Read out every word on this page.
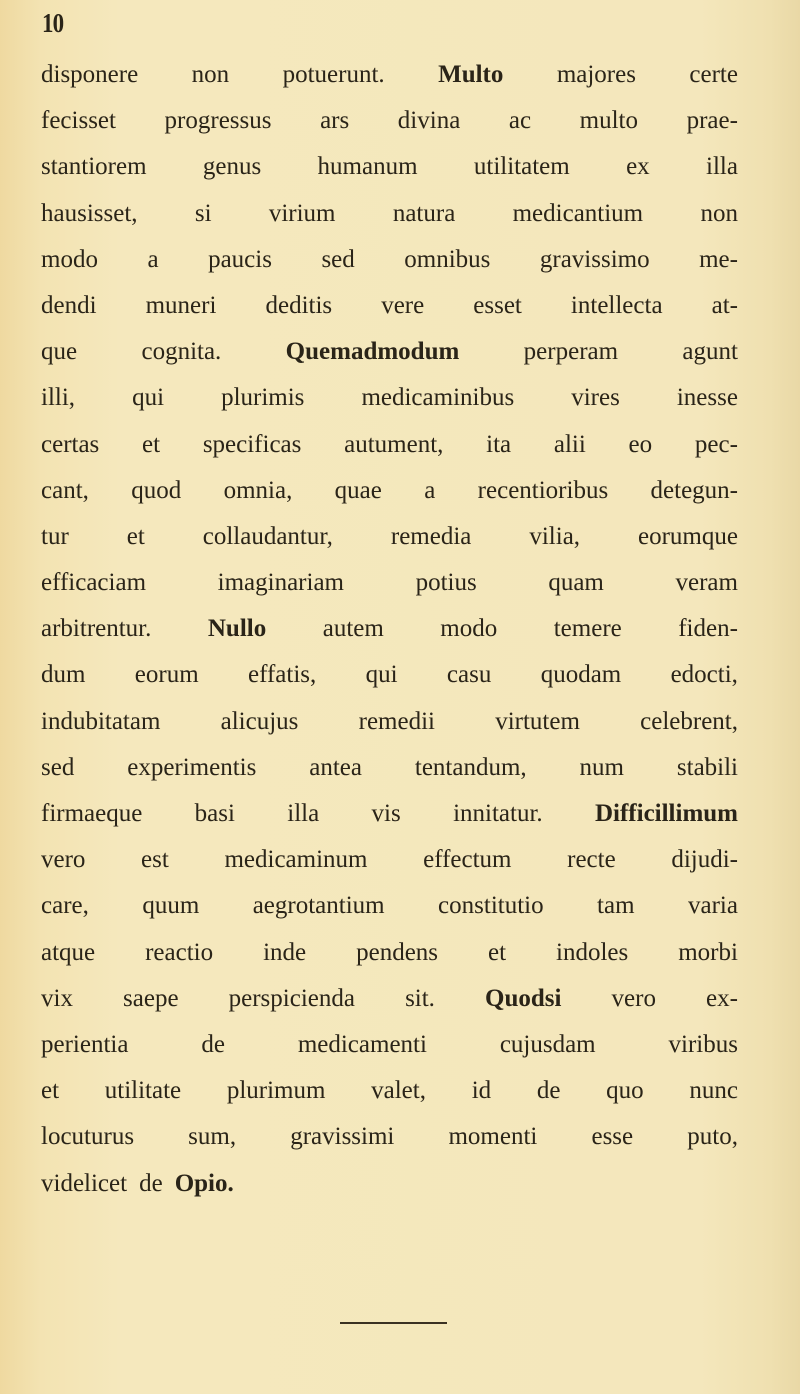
10
disponere non potuerunt. Multo majores certe
fecisset progressus ars divina ac multo prae-
stantiorem genus humanum utilitatem ex illa
hausisset, si virium natura medicantium non
modo a paucis sed omnibus gravissimo me-
dendi muneri deditis vere esset intellecta at-
que	cognita.	Quemadmodum	perperam	agunt
illi, qui plurimis medicaminibus vires inesse
certas et specificas autument, ita alii eo pec-
cant, quod omnia, quae a recentioribus detegun-
tur et collaudantur, remedia vilia, eorumque
efficaciam	imaginariam	potius	quam	veram
arbitrentur. Nullo autem modo temere fiden-
dum eorum effatis, qui casu quodam edocti,
indubitatam alicujus remedii virtutem celebrent,
sed experimentis antea tentandum, num stabili
firmaeque basi illa vis innitatur. Difficillimum
vero est medicaminum effectum recte dijudi-
care, quum aegrotantium constitutio tam varia
atque reactio inde pendens et indoles morbi
vix saepe perspicienda sit. Quodsi vero ex-
perientia	de	medicamenti	cujusdam	viribus
et utilitate plurimum valet, id de quo nunc
locuturus sum, gravissimi momenti esse puto,
videlicet de Opio.
